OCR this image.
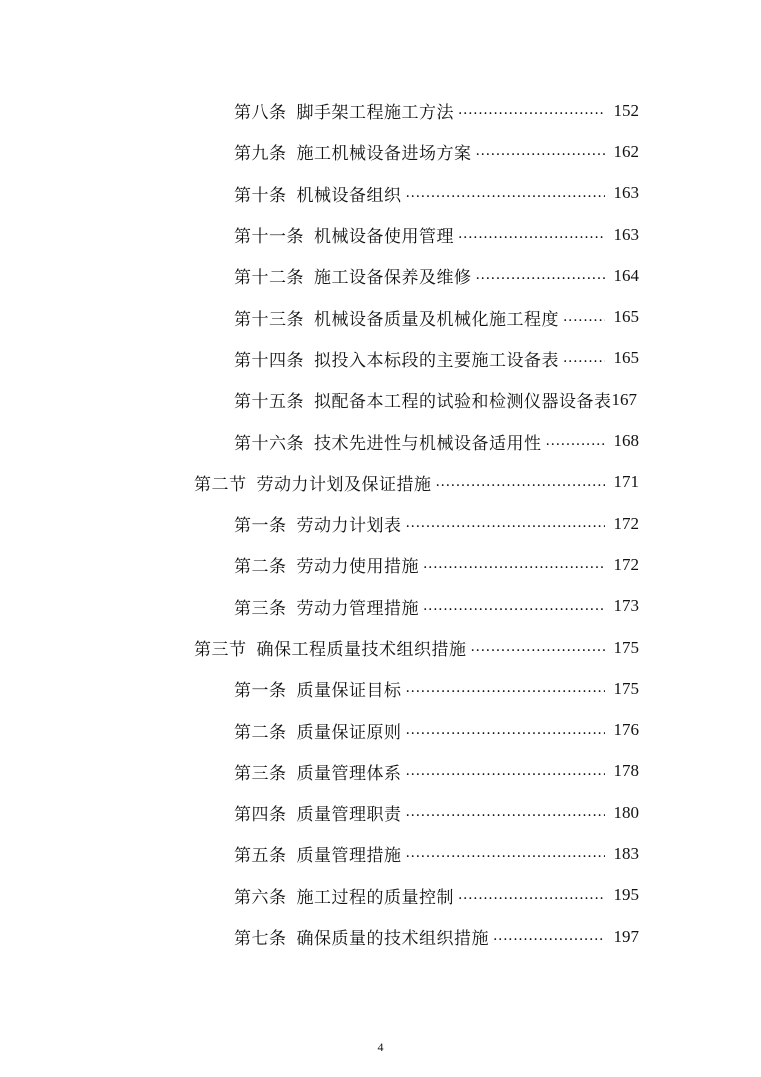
第八条 脚手架工程施工方法 .....	152
第九条 施工机械设备进场方案 .....	162
第十条 机械设备组织 .....	163
第十一条 机械设备使用管理 .....	163
第十二条 施工设备保养及维修 .....	164
第十三条 机械设备质量及机械化施工程度 .....	165
第十四条 拟投入本标段的主要施工设备表 .....	165
第十五条 拟配备本工程的试验和检测仪器设备表 167
第十六条 技术先进性与机械设备适用性 .....	168
第二节 劳动力计划及保证措施 .....	171
第一条 劳动力计划表 .....	172
第二条 劳动力使用措施 .....	172
第三条 劳动力管理措施 .....	173
第三节 确保工程质量技术组织措施 .....	175
第一条 质量保证目标 .....	175
第二条 质量保证原则 .....	176
第三条 质量管理体系 .....	178
第四条 质量管理职责 .....	180
第五条 质量管理措施 .....	183
第六条 施工过程的质量控制 .....	195
第七条 确保质量的技术组织措施 .....	197
4
